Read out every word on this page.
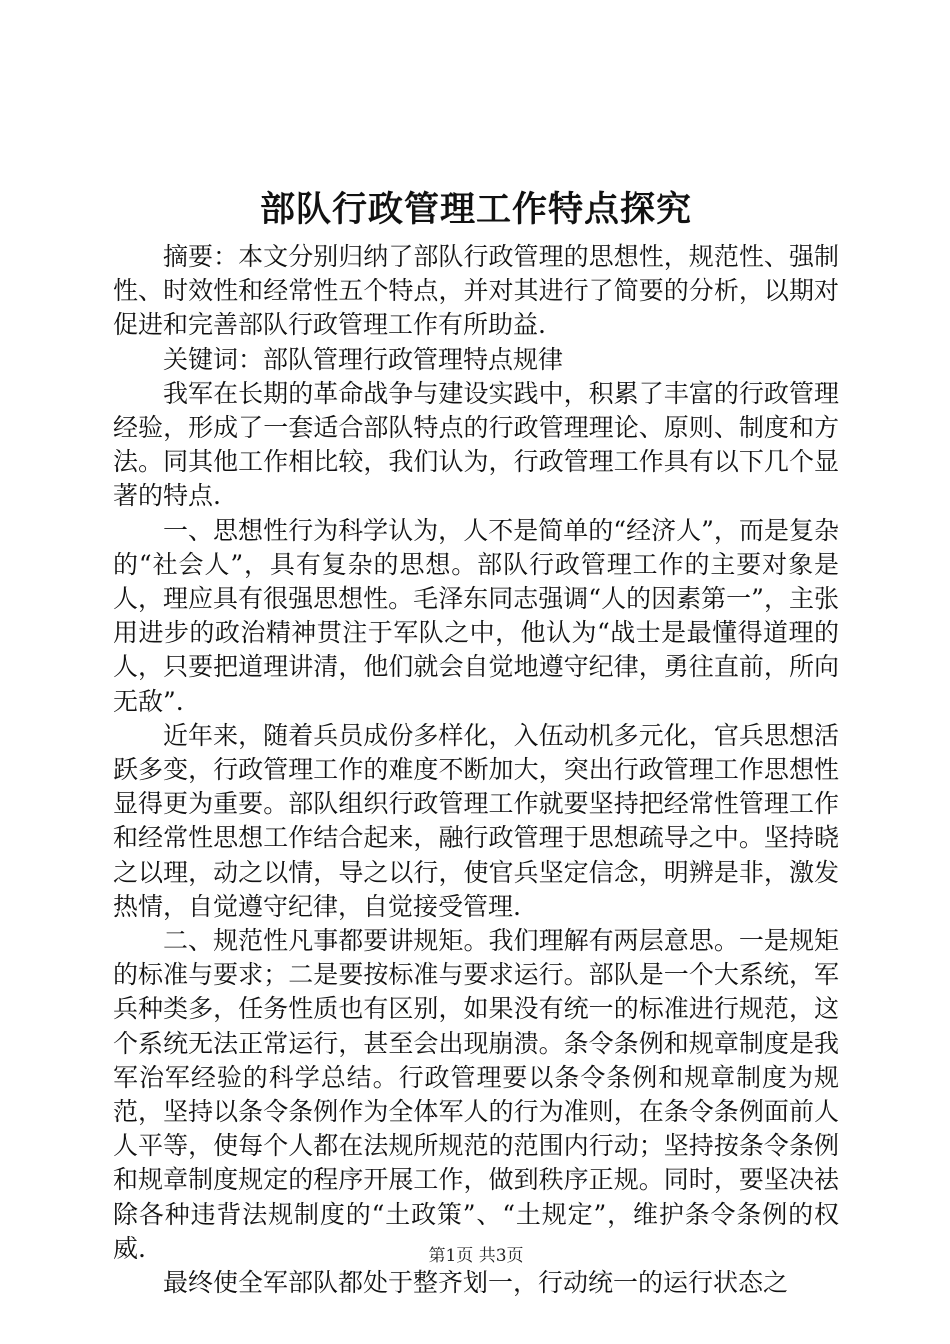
部队行政管理工作特点探究

摘要：本文分别归纳了部队行政管理的思想性，规范性、强制性、时效性和经常性五个特点，并对其进行了简要的分析，以期对促进和完善部队行政管理工作有所助益.

关键词：部队管理行政管理特点规律

我军在长期的革命战争与建设实践中，积累了丰富的行政管理经验，形成了一套适合部队特点的行政管理理论、原则、制度和方法。同其他工作相比较，我们认为，行政管理工作具有以下几个显著的特点.

一、思想性行为科学认为，人不是简单的“经济人”，而是复杂的“社会人”，具有复杂的思想。部队行政管理工作的主要对象是人，理应具有很强思想性。毛泽东同志强调“人的因素第一”，主张用进步的政治精神贯注于军队之中，他认为“战士是最懂得道理的人，只要把道理讲清，他们就会自觉地遵守纪律，勇往直前，所向无敌”.

近年来，随着兵员成份多样化，入伍动机多元化，官兵思想活跃多变，行政管理工作的难度不断加大，突出行政管理工作思想性显得更为重要。部队组织行政管理工作就要坚持把经常性管理工作和经常性思想工作结合起来，融行政管理于思想疏导之中。坚持晓之以理，动之以情，导之以行，使官兵坚定信念，明辨是非，激发热情，自觉遵守纪律，自觉接受管理.

二、规范性凡事都要讲规矩。我们理解有两层意思。一是规矩的标准与要求；二是要按标准与要求运行。部队是一个大系统，军兵种类多，任务性质也有区别，如果没有统一的标准进行规范，这个系统无法正常运行，甚至会出现崩溃。条令条例和规章制度是我军治军经验的科学总结。行政管理要以条令条例和规章制度为规范，坚持以条令条例作为全体军人的行为准则，在条令条例面前人人平等，使每个人都在法规所规范的范围内行动；坚持按条令条例和规章制度规定的程序开展工作，做到秩序正规。同时，要坚决祛除各种违背法规制度的“土政策”、“土规定”，维护条令条例的权威.

最终使全军部队都处于整齐划一，行动统一的运行状态之

第1页 共3页
